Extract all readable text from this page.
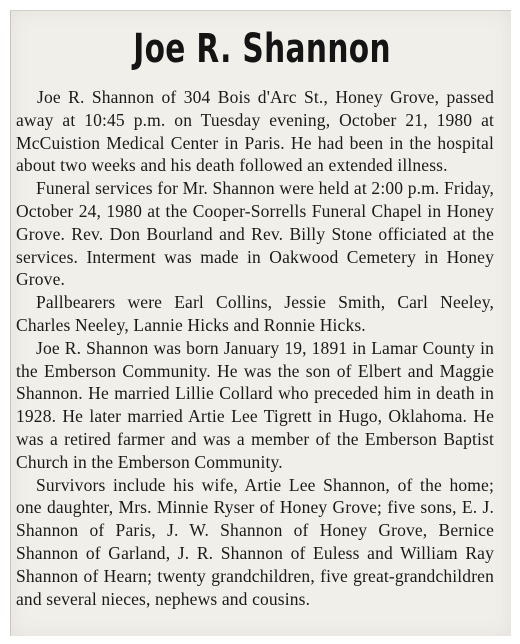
Joe R. Shannon

Joe R. Shannon of 304 Bois d'Arc St., Honey Grove, passed away at 10:45 p.m. on Tuesday evening, October 21, 1980 at McCuistion Medical Center in Paris. He had been in the hospital about two weeks and his death followed an extended illness.

Funeral services for Mr. Shannon were held at 2:00 p.m. Friday, October 24, 1980 at the Cooper-Sorrells Funeral Chapel in Honey Grove. Rev. Don Bourland and Rev. Billy Stone officiated at the services. Interment was made in Oakwood Cemetery in Honey Grove.

Pallbearers were Earl Collins, Jessie Smith, Carl Neeley, Charles Neeley, Lannie Hicks and Ronnie Hicks.

Joe R. Shannon was born January 19, 1891 in Lamar County in the Emberson Community. He was the son of Elbert and Maggie Shannon. He married Lillie Collard who preceded him in death in 1928. He later married Artie Lee Tigrett in Hugo, Oklahoma. He was a retired farmer and was a member of the Emberson Baptist Church in the Emberson Community.

Survivors include his wife, Artie Lee Shannon, of the home; one daughter, Mrs. Minnie Ryser of Honey Grove; five sons, E. J. Shannon of Paris, J. W. Shannon of Honey Grove, Bernice Shannon of Garland, J. R. Shannon of Euless and William Ray Shannon of Hearn; twenty grandchildren, five great-grandchildren and several nieces, nephews and cousins.
